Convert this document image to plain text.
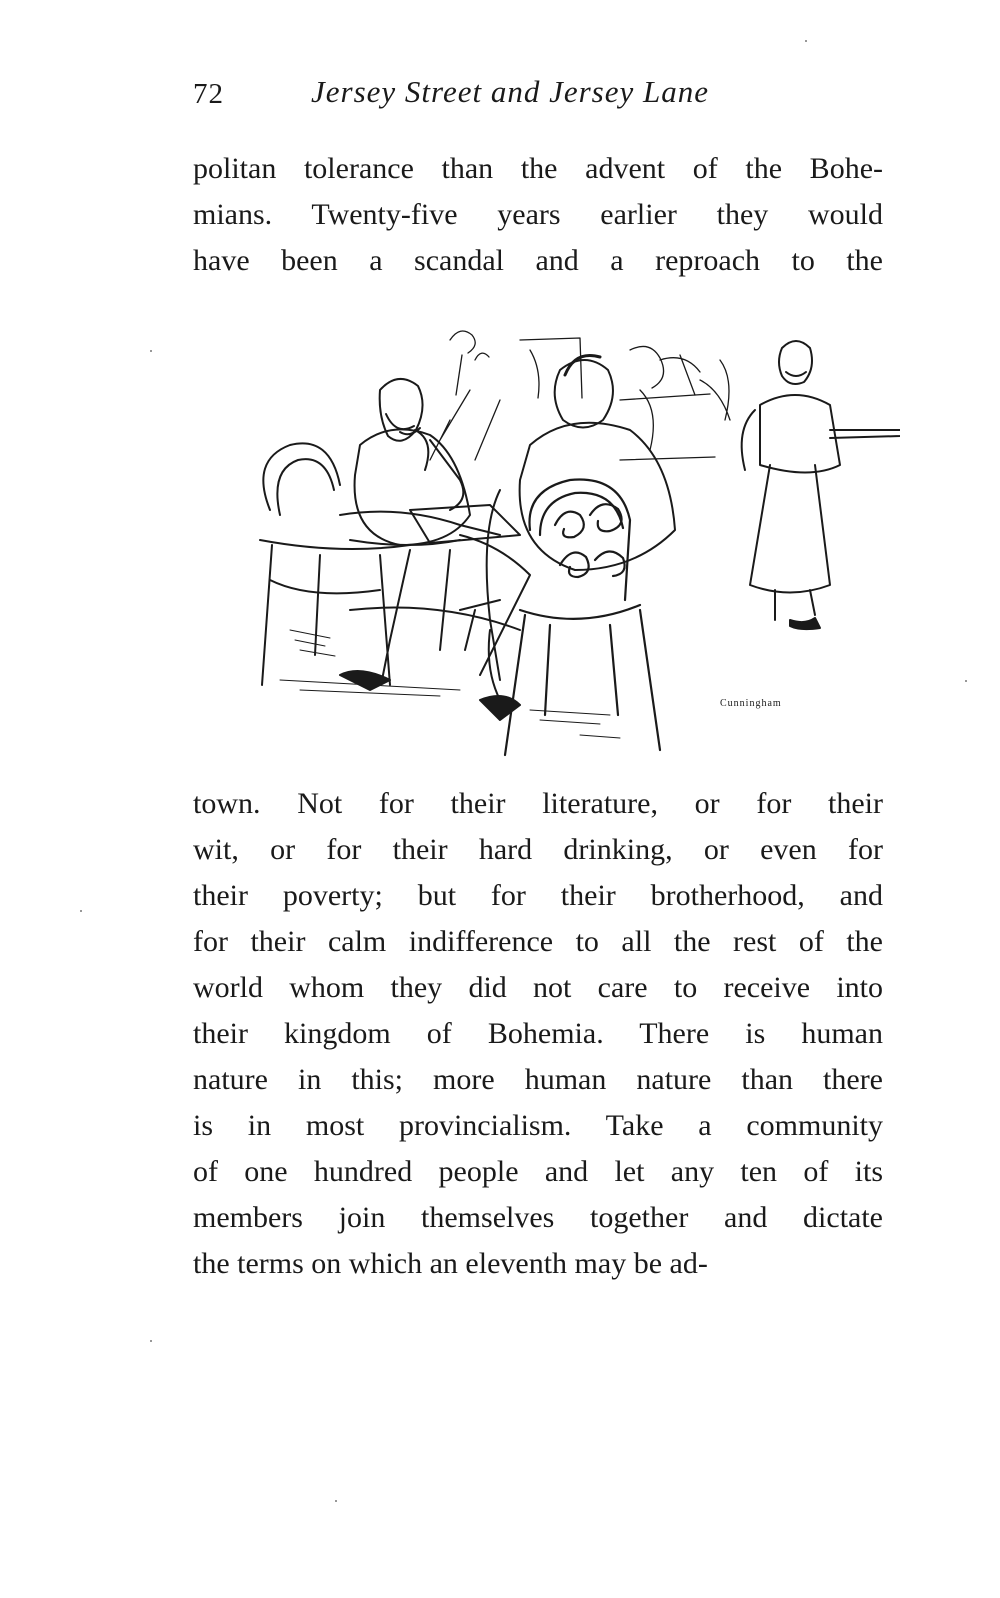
72	Jersey Street and Jersey Lane
politan tolerance than the advent of the Bohe-
mians. Twenty-five years earlier they would
have been a scandal and a reproach to the
Cunningham
town. Not for their literature, or for their
wit, or for their hard drinking, or even for
their poverty; but for their brotherhood, and
for their calm indifference to all the rest of the
world whom they did not care to receive into
their kingdom of Bohemia. There is human
nature in this; more human nature than there
is in most provincialism. Take a community
of one hundred people and let any ten of its
members join themselves together and dictate
the terms on which an eleventh may be ad-
